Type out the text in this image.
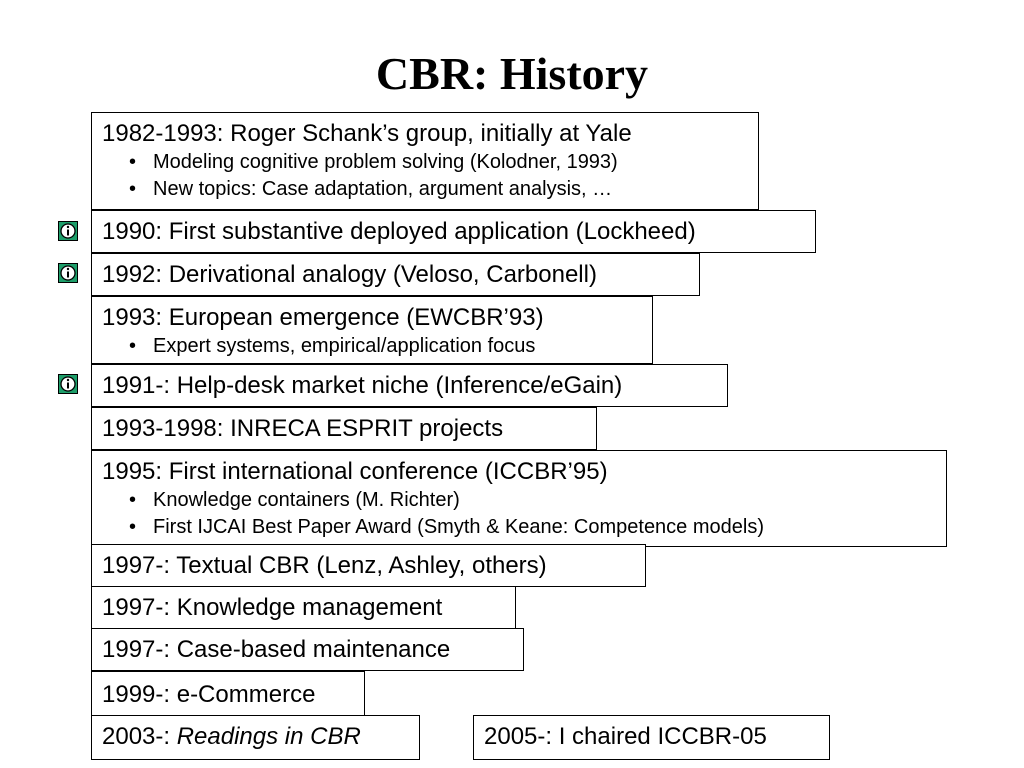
CBR: History
1982-1993: Roger Schank’s group, initially at Yale
• Modeling cognitive problem solving (Kolodner, 1993)
• New topics: Case adaptation, argument analysis, …
1990: First substantive deployed application (Lockheed)
1992: Derivational analogy (Veloso, Carbonell)
1993: European emergence (EWCBR’93)
• Expert systems, empirical/application focus
1991-: Help-desk market niche (Inference/eGain)
1993-1998: INRECA ESPRIT projects
1995: First international conference (ICCBR’95)
• Knowledge containers (M. Richter)
• First IJCAI Best Paper Award (Smyth & Keane: Competence models)
1997-: Textual CBR (Lenz, Ashley, others)
1997-: Knowledge management
1997-: Case-based maintenance
1999-: e-Commerce
2003-: Readings in CBR	2005-: I chaired ICCBR-05
